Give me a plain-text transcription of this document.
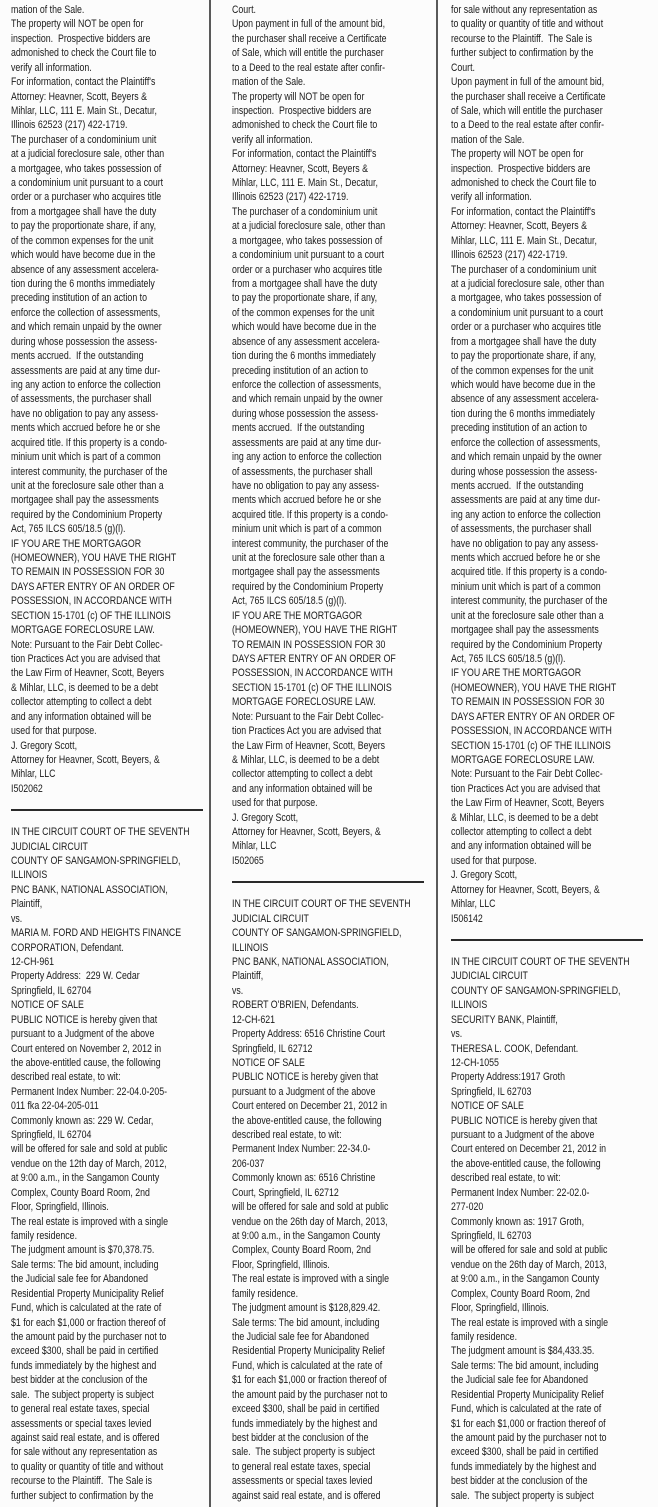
mation of the Sale.
The property will NOT be open for
inspection.  Prospective bidders are
admonished to check the Court file to
verify all information.
For information, contact the Plaintiff's
Attorney: Heavner, Scott, Beyers &
Mihlar, LLC, 111 E. Main St., Decatur,
Illinois 62523 (217) 422-1719.
The purchaser of a condominium unit
at a judicial foreclosure sale, other than
a mortgagee, who takes possession of
a condominium unit pursuant to a court
order or a purchaser who acquires title
from a mortgagee shall have the duty
to pay the proportionate share, if any,
of the common expenses for the unit
which would have become due in the
absence of any assessment accelera-
tion during the 6 months immediately
preceding institution of an action to
enforce the collection of assessments,
and which remain unpaid by the owner
during whose possession the assess-
ments accrued.  If the outstanding
assessments are paid at any time dur-
ing any action to enforce the collection
of assessments, the purchaser shall
have no obligation to pay any assess-
ments which accrued before he or she
acquired title. If this property is a condo-
minium unit which is part of a common
interest community, the purchaser of the
unit at the foreclosure sale other than a
mortgagee shall pay the assessments
required by the Condominium Property
Act, 765 ILCS 605/18.5 (g)(l).
IF YOU ARE THE MORTGAGOR
(HOMEOWNER), YOU HAVE THE RIGHT
TO REMAIN IN POSSESSION FOR 30
DAYS AFTER ENTRY OF AN ORDER OF
POSSESSION, IN ACCORDANCE WITH
SECTION 15-1701 (c) OF THE ILLINOIS
MORTGAGE FORECLOSURE LAW.
Note: Pursuant to the Fair Debt Collec-
tion Practices Act you are advised that
the Law Firm of Heavner, Scott, Beyers
& Mihlar, LLC, is deemed to be a debt
collector attempting to collect a debt
and any information obtained will be
used for that purpose.
J. Gregory Scott,
Attorney for Heavner, Scott, Beyers, &
Mihlar, LLC
I502062
IN THE CIRCUIT COURT OF THE SEVENTH
JUDICIAL CIRCUIT
COUNTY OF SANGAMON-SPRINGFIELD,
ILLINOIS
PNC BANK, NATIONAL ASSOCIATION,
Plaintiff,
vs.
MARIA M. FORD AND HEIGHTS FINANCE
CORPORATION, Defendant.
12-CH-961
Property Address:  229 W. Cedar
Springfield, IL 62704
NOTICE OF SALE
PUBLIC NOTICE is hereby given that
pursuant to a Judgment of the above
Court entered on November 2, 2012 in
the above-entitled cause, the following
described real estate, to wit:
Permanent Index Number: 22-04.0-205-
011 fka 22-04-205-011
Commonly known as: 229 W. Cedar,
Springfield, IL 62704
will be offered for sale and sold at public
vendue on the 12th day of March, 2012,
at 9:00 a.m., in the Sangamon County
Complex, County Board Room, 2nd
Floor, Springfield, Illinois.
The real estate is improved with a single
family residence.
The judgment amount is $70,378.75.
Sale terms: The bid amount, including
the Judicial sale fee for Abandoned
Residential Property Municipality Relief
Fund, which is calculated at the rate of
$1 for each $1,000 or fraction thereof of
the amount paid by the purchaser not to
exceed $300, shall be paid in certified
funds immediately by the highest and
best bidder at the conclusion of the
sale.  The subject property is subject
to general real estate taxes, special
assessments or special taxes levied
against said real estate, and is offered
for sale without any representation as
to quality or quantity of title and without
recourse to the Plaintiff.  The Sale is
further subject to confirmation by the
Court.
Upon payment in full of the amount bid,
the purchaser shall receive a Certificate
of Sale, which will entitle the purchaser
to a Deed to the real estate after confir-
mation of the Sale.
The property will NOT be open for
inspection.  Prospective bidders are
admonished to check the Court file to
verify all information.
For information, contact the Plaintiff's
Attorney: Heavner, Scott, Beyers &
Mihlar, LLC, 111 E. Main St., Decatur,
Illinois 62523 (217) 422-1719.
The purchaser of a condominium unit
at a judicial foreclosure sale, other than
a mortgagee, who takes possession of
a condominium unit pursuant to a court
order or a purchaser who acquires title
from a mortgagee shall have the duty
to pay the proportionate share, if any,
of the common expenses for the unit
which would have become due in the
absence of any assessment accelera-
tion during the 6 months immediately
preceding institution of an action to
enforce the collection of assessments,
and which remain unpaid by the owner
during whose possession the assess-
ments accrued.  If the outstanding
assessments are paid at any time dur-
ing any action to enforce the collection
of assessments, the purchaser shall
have no obligation to pay any assess-
ments which accrued before he or she
acquired title. If this property is a condo-
minium unit which is part of a common
interest community, the purchaser of the
unit at the foreclosure sale other than a
mortgagee shall pay the assessments
required by the Condominium Property
Act, 765 ILCS 605/18.5 (g)(l).
IF YOU ARE THE MORTGAGOR
(HOMEOWNER), YOU HAVE THE RIGHT
TO REMAIN IN POSSESSION FOR 30
DAYS AFTER ENTRY OF AN ORDER OF
POSSESSION, IN ACCORDANCE WITH
SECTION 15-1701 (c) OF THE ILLINOIS
MORTGAGE FORECLOSURE LAW.
Note: Pursuant to the Fair Debt Collec-
tion Practices Act you are advised that
the Law Firm of Heavner, Scott, Beyers
& Mihlar, LLC, is deemed to be a debt
collector attempting to collect a debt
and any information obtained will be
used for that purpose.
J. Gregory Scott,
Attorney for Heavner, Scott, Beyers, &
Mihlar, LLC
I502065
IN THE CIRCUIT COURT OF THE SEVENTH
JUDICIAL CIRCUIT
COUNTY OF SANGAMON-SPRINGFIELD,
ILLINOIS
PNC BANK, NATIONAL ASSOCIATION,
Plaintiff,
vs.
ROBERT O'BRIEN, Defendants.
12-CH-621
Property Address: 6516 Christine Court
Springfield, IL 62712
NOTICE OF SALE
PUBLIC NOTICE is hereby given that
pursuant to a Judgment of the above
Court entered on December 21, 2012 in
the above-entitled cause, the following
described real estate, to wit:
Permanent Index Number: 22-34.0-
206-037
Commonly known as: 6516 Christine
Court, Springfield, IL 62712
will be offered for sale and sold at public
vendue on the 26th day of March, 2013,
at 9:00 a.m., in the Sangamon County
Complex, County Board Room, 2nd
Floor, Springfield, Illinois.
The real estate is improved with a single
family residence.
The judgment amount is $128,829.42.
Sale terms: The bid amount, including
the Judicial sale fee for Abandoned
Residential Property Municipality Relief
Fund, which is calculated at the rate of
$1 for each $1,000 or fraction thereof of
the amount paid by the purchaser not to
exceed $300, shall be paid in certified
funds immediately by the highest and
best bidder at the conclusion of the
sale.  The subject property is subject
to general real estate taxes, special
assessments or special taxes levied
against said real estate, and is offered
for sale without any representation as
to quality or quantity of title and without
recourse to the Plaintiff.  The Sale is
further subject to confirmation by the
Court.
Upon payment in full of the amount bid,
the purchaser shall receive a Certificate
of Sale, which will entitle the purchaser
to a Deed to the real estate after confir-
mation of the Sale.
The property will NOT be open for
inspection.  Prospective bidders are
admonished to check the Court file to
verify all information.
For information, contact the Plaintiff's
Attorney: Heavner, Scott, Beyers &
Mihlar, LLC, 111 E. Main St., Decatur,
Illinois 62523 (217) 422-1719.
The purchaser of a condominium unit
at a judicial foreclosure sale, other than
a mortgagee, who takes possession of
a condominium unit pursuant to a court
order or a purchaser who acquires title
from a mortgagee shall have the duty
to pay the proportionate share, if any,
of the common expenses for the unit
which would have become due in the
absence of any assessment accelera-
tion during the 6 months immediately
preceding institution of an action to
enforce the collection of assessments,
and which remain unpaid by the owner
during whose possession the assess-
ments accrued.  If the outstanding
assessments are paid at any time dur-
ing any action to enforce the collection
of assessments, the purchaser shall
have no obligation to pay any assess-
ments which accrued before he or she
acquired title. If this property is a condo-
minium unit which is part of a common
interest community, the purchaser of the
unit at the foreclosure sale other than a
mortgagee shall pay the assessments
required by the Condominium Property
Act, 765 ILCS 605/18.5 (g)(l).
IF YOU ARE THE MORTGAGOR
(HOMEOWNER), YOU HAVE THE RIGHT
TO REMAIN IN POSSESSION FOR 30
DAYS AFTER ENTRY OF AN ORDER OF
POSSESSION, IN ACCORDANCE WITH
SECTION 15-1701 (c) OF THE ILLINOIS
MORTGAGE FORECLOSURE LAW.
Note: Pursuant to the Fair Debt Collec-
tion Practices Act you are advised that
the Law Firm of Heavner, Scott, Beyers
& Mihlar, LLC, is deemed to be a debt
collector attempting to collect a debt
and any information obtained will be
used for that purpose.
J. Gregory Scott,
Attorney for Heavner, Scott, Beyers, &
Mihlar, LLC
I506142
IN THE CIRCUIT COURT OF THE SEVENTH
JUDICIAL CIRCUIT
COUNTY OF SANGAMON-SPRINGFIELD,
ILLINOIS
SECURITY BANK, Plaintiff,
vs.
THERESA L. COOK, Defendant.
12-CH-1055
Property Address:1917 Groth
Springfield, IL 62703
NOTICE OF SALE
PUBLIC NOTICE is hereby given that
pursuant to a Judgment of the above
Court entered on December 21, 2012 in
the above-entitled cause, the following
described real estate, to wit:
Permanent Index Number: 22-02.0-
277-020
Commonly known as: 1917 Groth,
Springfield, IL 62703
will be offered for sale and sold at public
vendue on the 26th day of March, 2013,
at 9:00 a.m., in the Sangamon County
Complex, County Board Room, 2nd
Floor, Springfield, Illinois.
The real estate is improved with a single
family residence.
The judgment amount is $84,433.35.
Sale terms: The bid amount, including
the Judicial sale fee for Abandoned
Residential Property Municipality Relief
Fund, which is calculated at the rate of
$1 for each $1,000 or fraction thereof of
the amount paid by the purchaser not to
exceed $300, shall be paid in certified
funds immediately by the highest and
best bidder at the conclusion of the
sale.  The subject property is subject
